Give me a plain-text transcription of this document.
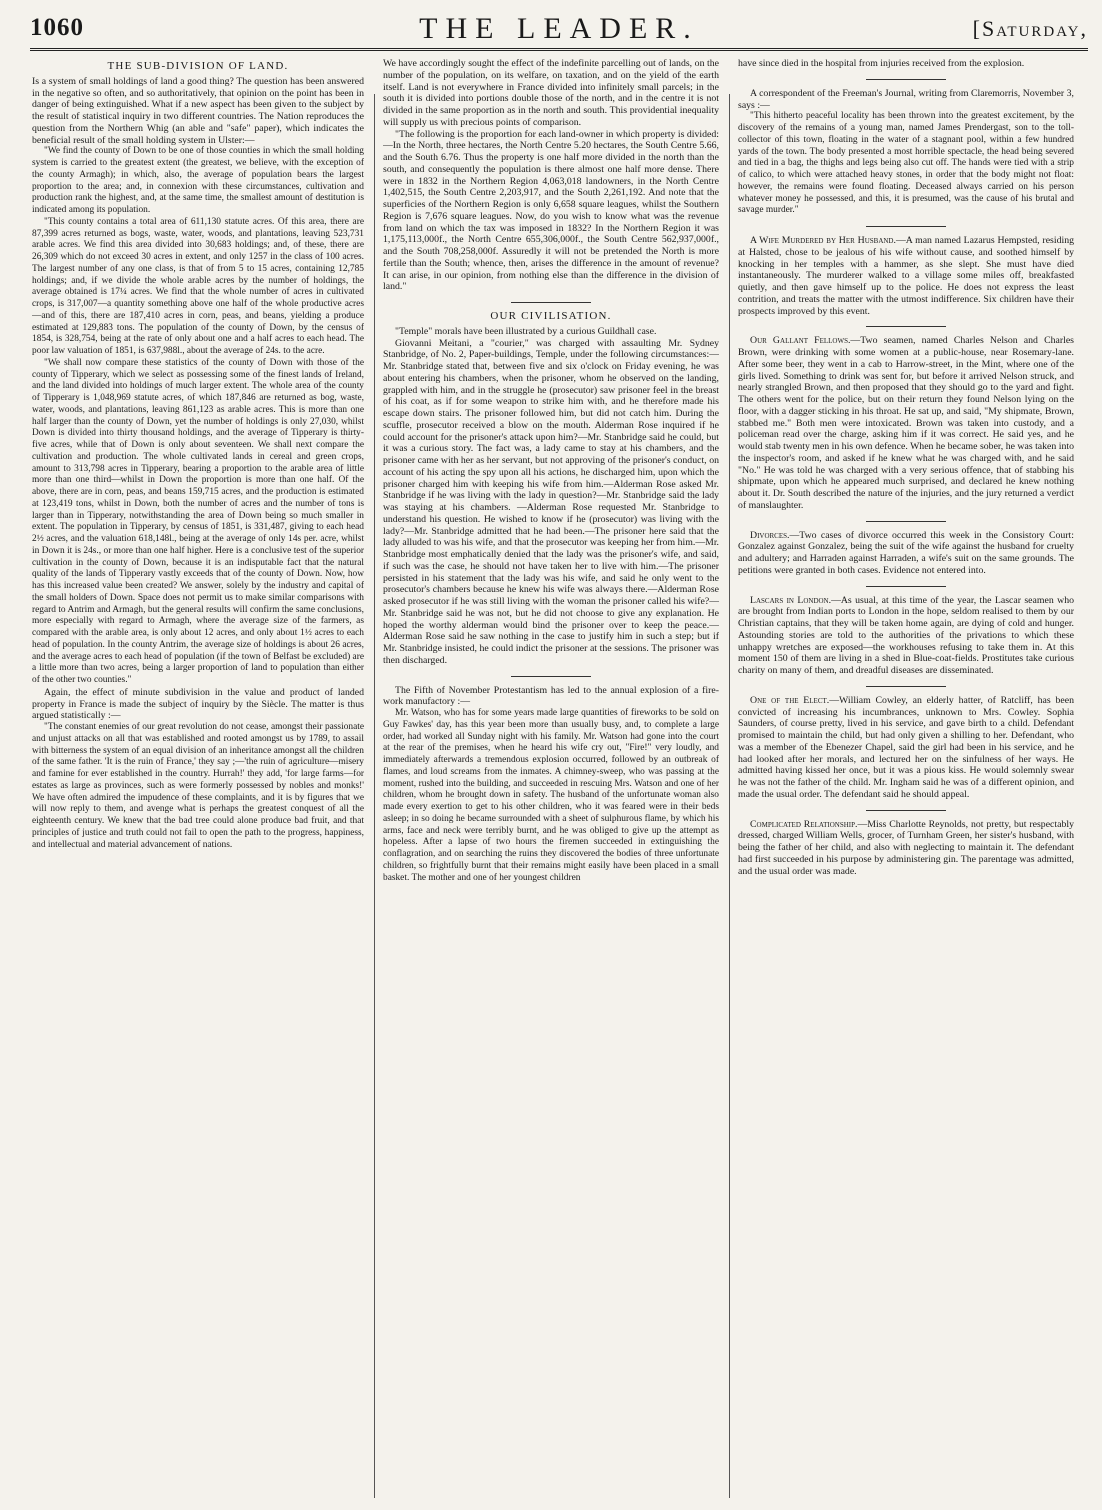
1060	THE LEADER.	[Saturday,
THE SUB-DIVISION OF LAND.

Is a system of small holdings of land a good thing? The question has been answered in the negative so often, and so authoritatively, that opinion on the point has been in danger of being extinguished. What if a new aspect has been given to the subject by the result of statistical inquiry in two different countries. The Nation reproduces the question from the Northern Whig (an able and "safe" paper), which indicates the beneficial result of the small holding system in Ulster:—

"We find the county of Down to be one of those counties in which the small holding system is carried to the greatest extent (the greatest, we believe, with the exception of the county Armagh); in which, also, the average of population bears the largest proportion to the area; and, in connexion with these circumstances, cultivation and production rank the highest, and, at the same time, the smallest amount of destitution is indicated among its population.

"This county contains a total area of 611,130 statute acres. Of this area, there are 87,399 acres returned as bogs, waste, water, woods, and plantations, leaving 523,731 arable acres. We find this area divided into 30,683 holdings; and, of these, there are 26,309 which do not exceed 30 acres in extent, and only 1257 in the class of 100 acres. The largest number of any one class, is that of from 5 to 15 acres, containing 12,785 holdings; and, if we divide the whole arable acres by the number of holdings, the average obtained is 17¼ acres. We find that the whole number of acres in cultivated crops, is 317,007—a quantity something above one half of the whole productive acres—and of this, there are 187,410 acres in corn, peas, and beans, yielding a produce estimated at 129,883 tons. The population of the county of Down, by the census of 1854, is 328,754, being at the rate of only about one and a half acres to each head. The poor law valuation of 1851, is 637,988l., about the average of 24s. to the acre.

"We shall now compare these statistics of the county of Down with those of the county of Tipperary, which we select as possessing some of the finest lands of Ireland, and the land divided into holdings of much larger extent. The whole area of the county of Tipperary is 1,048,969 statute acres, of which 187,846 are returned as bog, waste, water, woods, and plantations, leaving 861,123 as arable acres. This is more than one half larger than the county of Down, yet the number of holdings is only 27,030, whilst Down is divided into thirty thousand holdings, and the average of Tipperary is thirty-five acres, while that of Down is only about seventeen. We shall next compare the cultivation and production. The whole cultivated lands in cereal and green crops, amount to 313,798 acres in Tipperary, bearing a proportion to the arable area of little more than one third—whilst in Down the proportion is more than one half. Of the above, there are in corn, peas, and beans 159,715 acres, and the production is estimated at 123,419 tons, whilst in Down, both the number of acres and the number of tons is larger than in Tipperary, notwithstanding the area of Down being so much smaller in extent. The population in Tipperary, by census of 1851, is 331,487, giving to each head 2½ acres, and the valuation 618,148l., being at the average of only 14s per. acre, whilst in Down it is 24s., or more than one half higher. Here is a conclusive test of the superior cultivation in the county of Down, because it is an indisputable fact that the natural quality of the lands of Tipperary vastly exceeds that of the county of Down. Now, how has this increased value been created? We answer, solely by the industry and capital of the small holders of Down. Space does not permit us to make similar comparisons with regard to Antrim and Armagh, but the general results will confirm the same conclusions, more especially with regard to Armagh, where the average size of the farmers, as compared with the arable area, is only about 12 acres, and only about 1½ acres to each head of population. In the county Antrim, the average size of holdings is about 26 acres, and the average acres to each head of population (if the town of Belfast be excluded) are a little more than two acres, being a larger proportion of land to population than either of the other two counties."

Again, the effect of minute subdivision in the value and product of landed property in France is made the subject of inquiry by the Siècle. The matter is thus argued statistically :—

"The constant enemies of our great revolution do not cease, amongst their passionate and unjust attacks on all that was established and rooted amongst us by 1789, to assail with bitterness the system of an equal division of an inheritance amongst all the children of the same father. 'It is the ruin of France,' they say ;—'the ruin of agriculture—misery and famine for ever established in the country. Hurrah!' they add, 'for large farms—for estates as large as provinces, such as were formerly possessed by nobles and monks!' We have often admired the impudence of these complaints, and it is by figures that we will now reply to them, and avenge what is perhaps the greatest conquest of all the eighteenth century. We knew that the bad tree could alone produce bad fruit, and that principles of justice and truth could not fail to open the path to the progress, happiness, and intellectual and material advancement of nations.

We have accordingly sought the effect of the indefinite parcelling out of lands, on the number of the population, on its welfare, on taxation, and on the yield of the earth itself. Land is not everywhere in France divided into infinitely small parcels; in the south it is divided into portions double those of the north, and in the centre it is not divided in the same proportion as in the north and south. This providential inequality will supply us with precious points of comparison.

"The following is the proportion for each land-owner in which property is divided:—In the North, three hectares, the North Centre 5.20 hectares, the South Centre 5.66, and the South 6.76. Thus the property is one half more divided in the north than the south, and consequently the population is there almost one half more dense. There were in 1832 in the Northern Region 4,063,018 landowners, in the North Centre 1,402,515, the South Centre 2,203,917, and the South 2,261,192. And note that the superficies of the Northern Region is only 6,658 square leagues, whilst the Southern Region is 7,676 square leagues. Now, do you wish to know what was the revenue from land on which the tax was imposed in 1832? In the Northern Region it was 1,175,113,000f., the North Centre 655,306,000f., the South Centre 562,937,000f., and the South 708,258,000f. Assuredly it will not be pretended the North is more fertile than the South; whence, then, arises the difference in the amount of revenue? It can arise, in our opinion, from nothing else than the difference in the division of land."

OUR CIVILISATION.

"Temple" morals have been illustrated by a curious Guildhall case.

Giovanni Meitani, a "courier," was charged with assaulting Mr. Sydney Stanbridge, of No. 2, Paper-buildings, Temple, under the following circumstances:—Mr. Stanbridge stated that, between five and six o'clock on Friday evening, he was about entering his chambers, when the prisoner, whom he observed on the landing, grappled with him, and in the struggle he (prosecutor) saw prisoner feel in the breast of his coat, as if for some weapon to strike him with, and he therefore made his escape down stairs. The prisoner followed him, but did not catch him. During the scuffle, prosecutor received a blow on the mouth. Alderman Rose inquired if he could account for the prisoner's attack upon him?—Mr. Stanbridge said he could, but it was a curious story. The fact was, a lady came to stay at his chambers, and the prisoner came with her as her servant, but not approving of the prisoner's conduct, on account of his acting the spy upon all his actions, he discharged him, upon which the prisoner charged him with keeping his wife from him.—Alderman Rose asked Mr. Stanbridge if he was living with the lady in question?—Mr. Stanbridge said the lady was staying at his chambers. —Alderman Rose requested Mr. Stanbridge to understand his question. He wished to know if he (prosecutor) was living with the lady?—Mr. Stanbridge admitted that he had been.—The prisoner here said that the lady alluded to was his wife, and that the prosecutor was keeping her from him.—Mr. Stanbridge most emphatically denied that the lady was the prisoner's wife, and said, if such was the case, he should not have taken her to live with him.—The prisoner persisted in his statement that the lady was his wife, and said he only went to the prosecutor's chambers because he knew his wife was always there.—Alderman Rose asked prosecutor if he was still living with the woman the prisoner called his wife?—Mr. Stanbridge said he was not, but he did not choose to give any explanation. He hoped the worthy alderman would bind the prisoner over to keep the peace.—Alderman Rose said he saw nothing in the case to justify him in such a step; but if Mr. Stanbridge insisted, he could indict the prisoner at the sessions. The prisoner was then discharged.

The Fifth of November Protestantism has led to the annual explosion of a fire-work manufactory :—

Mr. Watson, who has for some years made large quantities of fireworks to be sold on Guy Fawkes' day, has this year been more than usually busy, and, to complete a large order, had worked all Sunday night with his family. Mr. Watson had gone into the court at the rear of the premises, when he heard his wife cry out, "Fire!" very loudly, and immediately afterwards a tremendous explosion occurred, followed by an outbreak of flames, and loud screams from the inmates. A chimney-sweep, who was passing at the moment, rushed into the building, and succeeded in rescuing Mrs. Watson and one of her children, whom he brought down in safety. The husband of the unfortunate woman also made every exertion to get to his other children, who it was feared were in their beds asleep; in so doing he became surrounded with a sheet of sulphurous flame, by which his arms, face and neck were terribly burnt, and he was obliged to give up the attempt as hopeless. After a lapse of two hours the firemen succeeded in extinguishing the conflagration, and on searching the ruins they discovered the bodies of three unfortunate children, so frightfully burnt that their remains might easily have been placed in a small basket. The mother and one of her youngest children

have since died in the hospital from injuries received from the explosion.

A correspondent of the Freeman's Journal, writing from Claremorris, November 3, says :—

"This hitherto peaceful locality has been thrown into the greatest excitement, by the discovery of the remains of a young man, named James Prendergast, son to the toll-collector of this town, floating in the water of a stagnant pool, within a few hundred yards of the town. The body presented a most horrible spectacle, the head being severed and tied in a bag, the thighs and legs being also cut off. The hands were tied with a strip of calico, to which were attached heavy stones, in order that the body might not float: however, the remains were found floating. Deceased always carried on his person whatever money he possessed, and this, it is presumed, was the cause of his brutal and savage murder."

A Wife Murdered by Her Husband.—A man named Lazarus Hempsted, residing at Halsted, chose to be jealous of his wife without cause, and soothed himself by knocking in her temples with a hammer, as she slept. She must have died instantaneously. The murderer walked to a village some miles off, breakfasted quietly, and then gave himself up to the police. He does not express the least contrition, and treats the matter with the utmost indifference. Six children have their prospects improved by this event.

Our Gallant Fellows.—Two seamen, named Charles Nelson and Charles Brown, were drinking with some women at a public-house, near Rosemary-lane. After some beer, they went in a cab to Harrow-street, in the Mint, where one of the girls lived. Something to drink was sent for, but before it arrived Nelson struck, and nearly strangled Brown, and then proposed that they should go to the yard and fight. The others went for the police, but on their return they found Nelson lying on the floor, with a dagger sticking in his throat. He sat up, and said, "My shipmate, Brown, stabbed me." Both men were intoxicated. Brown was taken into custody, and a policeman read over the charge, asking him if it was correct. He said yes, and he would stab twenty men in his own defence. When he became sober, he was taken into the inspector's room, and asked if he knew what he was charged with, and he said "No." He was told he was charged with a very serious offence, that of stabbing his shipmate, upon which he appeared much surprised, and declared he knew nothing about it. Dr. South described the nature of the injuries, and the jury returned a verdict of manslaughter.

Divorces.—Two cases of divorce occurred this week in the Consistory Court: Gonzalez against Gonzalez, being the suit of the wife against the husband for cruelty and adultery; and Harraden against Harraden, a wife's suit on the same grounds. The petitions were granted in both cases. Evidence not entered into.

Lascars in London.—As usual, at this time of the year, the Lascar seamen who are brought from Indian ports to London in the hope, seldom realised to them by our Christian captains, that they will be taken home again, are dying of cold and hunger. Astounding stories are told to the authorities of the privations to which these unhappy wretches are exposed—the workhouses refusing to take them in. At this moment 150 of them are living in a shed in Blue-coat-fields. Prostitutes take curious charity on many of them, and dreadful diseases are disseminated.

One of the Elect.—William Cowley, an elderly hatter, of Ratcliff, has been convicted of increasing his incumbrances, unknown to Mrs. Cowley. Sophia Saunders, of course pretty, lived in his service, and gave birth to a child. Defendant promised to maintain the child, but had only given a shilling to her. Defendant, who was a member of the Ebenezer Chapel, said the girl had been in his service, and he had looked after her morals, and lectured her on the sinfulness of her ways. He admitted having kissed her once, but it was a pious kiss. He would solemnly swear he was not the father of the child. Mr. Ingham said he was of a different opinion, and made the usual order. The defendant said he should appeal.

Complicated Relationship.—Miss Charlotte Reynolds, not pretty, but respectably dressed, charged William Wells, grocer, of Turnham Green, her sister's husband, with being the father of her child, and also with neglecting to maintain it. The defendant had first succeeded in his purpose by administering gin. The parentage was admitted, and the usual order was made.
